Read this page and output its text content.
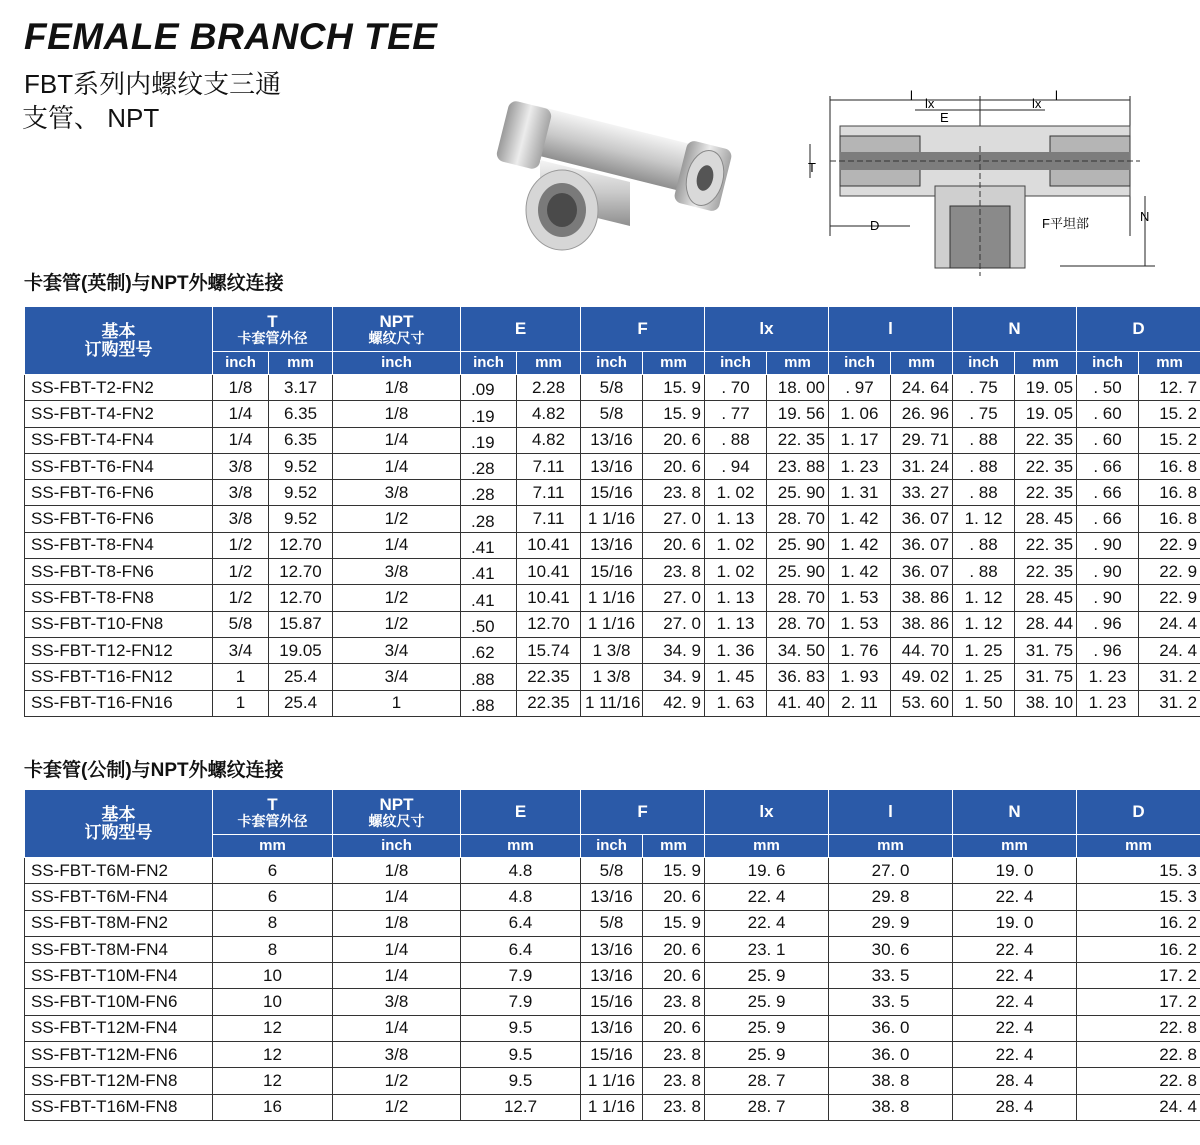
FEMALE BRANCH TEE
FBT系列内螺纹支三通
支管、 NPT
l
lx
E
lx
l
T
D
N
F平坦部
卡套管(英制)与NPT外螺纹连接
基本
订购型号	T
卡套管外径		NPT
螺纹尺寸	E		F		lx		l		N		D	
	inch	mm	inch	inch	mm	inch	mm	inch	mm	inch	mm	inch	mm	inch	mm
SS-FBT-T2-FN2	1/8	3.17	1/8	.09	2.28	5/8	15. 9	. 70	18. 00	. 97	24. 64	. 75	19. 05	. 50	12. 7
SS-FBT-T4-FN2	1/4	6.35	1/8	.19	4.82	5/8	15. 9	. 77	19. 56	1. 06	26. 96	. 75	19. 05	. 60	15. 2
SS-FBT-T4-FN4	1/4	6.35	1/4	.19	4.82	13/16	20. 6	. 88	22. 35	1. 17	29. 71	. 88	22. 35	. 60	15. 2
SS-FBT-T6-FN4	3/8	9.52	1/4	.28	7.11	13/16	20. 6	. 94	23. 88	1. 23	31. 24	. 88	22. 35	. 66	16. 8
SS-FBT-T6-FN6	3/8	9.52	3/8	.28	7.11	15/16	23. 8	1. 02	25. 90	1. 31	33. 27	. 88	22. 35	. 66	16. 8
SS-FBT-T6-FN6	3/8	9.52	1/2	.28	7.11	1 1/16	27. 0	1. 13	28. 70	1. 42	36. 07	1. 12	28. 45	. 66	16. 8
SS-FBT-T8-FN4	1/2	12.70	1/4	.41	10.41	13/16	20. 6	1. 02	25. 90	1. 42	36. 07	. 88	22. 35	. 90	22. 9
SS-FBT-T8-FN6	1/2	12.70	3/8	.41	10.41	15/16	23. 8	1. 02	25. 90	1. 42	36. 07	. 88	22. 35	. 90	22. 9
SS-FBT-T8-FN8	1/2	12.70	1/2	.41	10.41	1 1/16	27. 0	1. 13	28. 70	1. 53	38. 86	1. 12	28. 45	. 90	22. 9
SS-FBT-T10-FN8	5/8	15.87	1/2	.50	12.70	1 1/16	27. 0	1. 13	28. 70	1. 53	38. 86	1. 12	28. 44	. 96	24. 4
SS-FBT-T12-FN12	3/4	19.05	3/4	.62	15.74	1 3/8	34. 9	1. 36	34. 50	1. 76	44. 70	1. 25	31. 75	. 96	24. 4
SS-FBT-T16-FN12	1	25.4	3/4	.88	22.35	1 3/8	34. 9	1. 45	36. 83	1. 93	49. 02	1. 25	31. 75	1. 23	31. 2
SS-FBT-T16-FN16	1	25.4	1	.88	22.35	1 11/16	42. 9	1. 63	41. 40	2. 11	53. 60	1. 50	38. 10	1. 23	31. 2
卡套管(公制)与NPT外螺纹连接
基本
订购型号	T
卡套管外径	NPT
螺纹尺寸	E	F		lx	l	N	D
	mm	inch	mm	inch	mm	mm	mm	mm	mm
SS-FBT-T6M-FN2	6	1/8	4.8	5/8	15. 9	19. 6	27. 0	19. 0	15. 3
SS-FBT-T6M-FN4	6	1/4	4.8	13/16	20. 6	22. 4	29. 8	22. 4	15. 3
SS-FBT-T8M-FN2	8	1/8	6.4	5/8	15. 9	22. 4	29. 9	19. 0	16. 2
SS-FBT-T8M-FN4	8	1/4	6.4	13/16	20. 6	23. 1	30. 6	22. 4	16. 2
SS-FBT-T10M-FN4	10	1/4	7.9	13/16	20. 6	25. 9	33. 5	22. 4	17. 2
SS-FBT-T10M-FN6	10	3/8	7.9	15/16	23. 8	25. 9	33. 5	22. 4	17. 2
SS-FBT-T12M-FN4	12	1/4	9.5	13/16	20. 6	25. 9	36. 0	22. 4	22. 8
SS-FBT-T12M-FN6	12	3/8	9.5	15/16	23. 8	25. 9	36. 0	22. 4	22. 8
SS-FBT-T12M-FN8	12	1/2	9.5	1 1/16	23. 8	28. 7	38. 8	28. 4	22. 8
SS-FBT-T16M-FN8	16	1/2	12.7	1 1/16	23. 8	28. 7	38. 8	28. 4	24. 4
